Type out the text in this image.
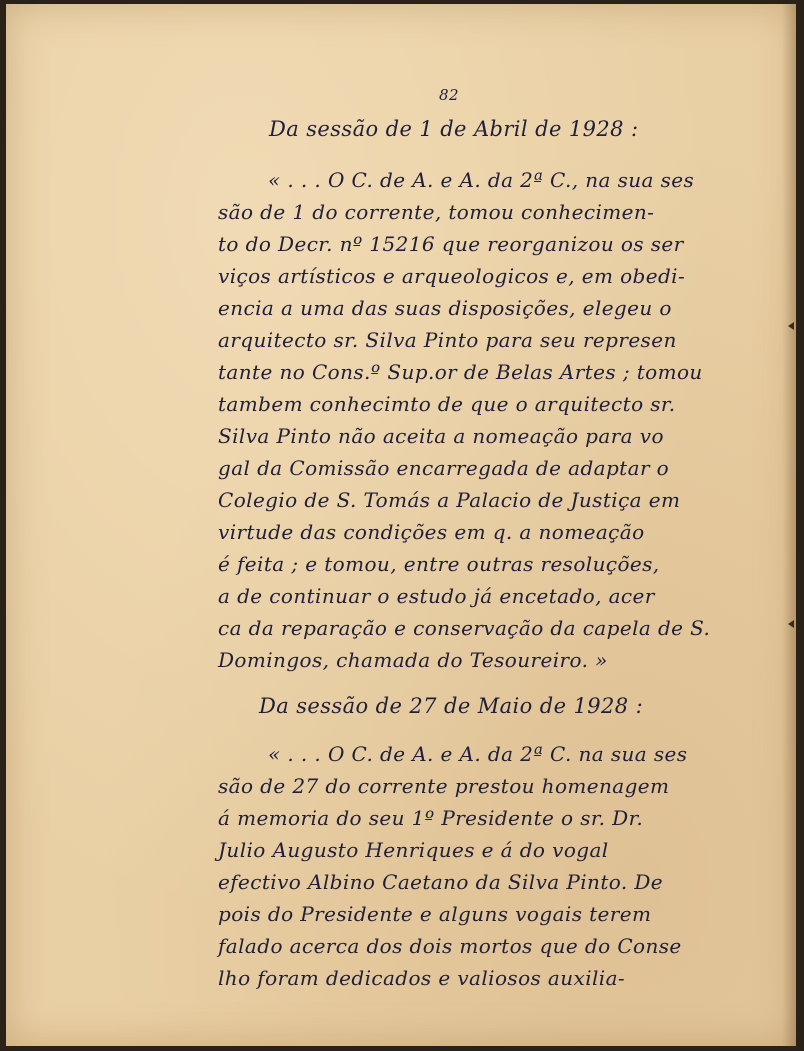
82
Da sessão de 1 de Abril de 1928 :
« . . . O C. de A. e A. da 2ª C., na sua ses
são de 1 do corrente, tomou conhecimen-
to do Decr. nº 15216 que reorganizou os ser
viços artísticos e arqueologicos e, em obedi-
encia a uma das suas disposições, elegeu o
arquitecto sr. Silva Pinto para seu represen
tante no Cons.º Sup.or de Belas Artes ; tomou
tambem conhecimto de que o arquitecto sr.
Silva Pinto não aceita a nomeação para vo
gal da Comissão encarregada de adaptar o
Colegio de S. Tomás a Palacio de Justiça em
virtude das condições em q. a nomeação
é feita ; e tomou, entre outras resoluções,
a de continuar o estudo já encetado, acer
ca da reparação e conservação da capela de S.
Domingos, chamada do Tesoureiro. »
Da sessão de 27 de Maio de 1928 :
« . . . O C. de A. e A. da 2ª C. na sua ses
são de 27 do corrente prestou homenagem
á memoria do seu 1º Presidente o sr. Dr.
Julio Augusto Henriques e á do vogal
efectivo Albino Caetano da Silva Pinto. De
pois do Presidente e alguns vogais terem
falado acerca dos dois mortos que do Conse
lho foram dedicados e valiosos auxilia-
